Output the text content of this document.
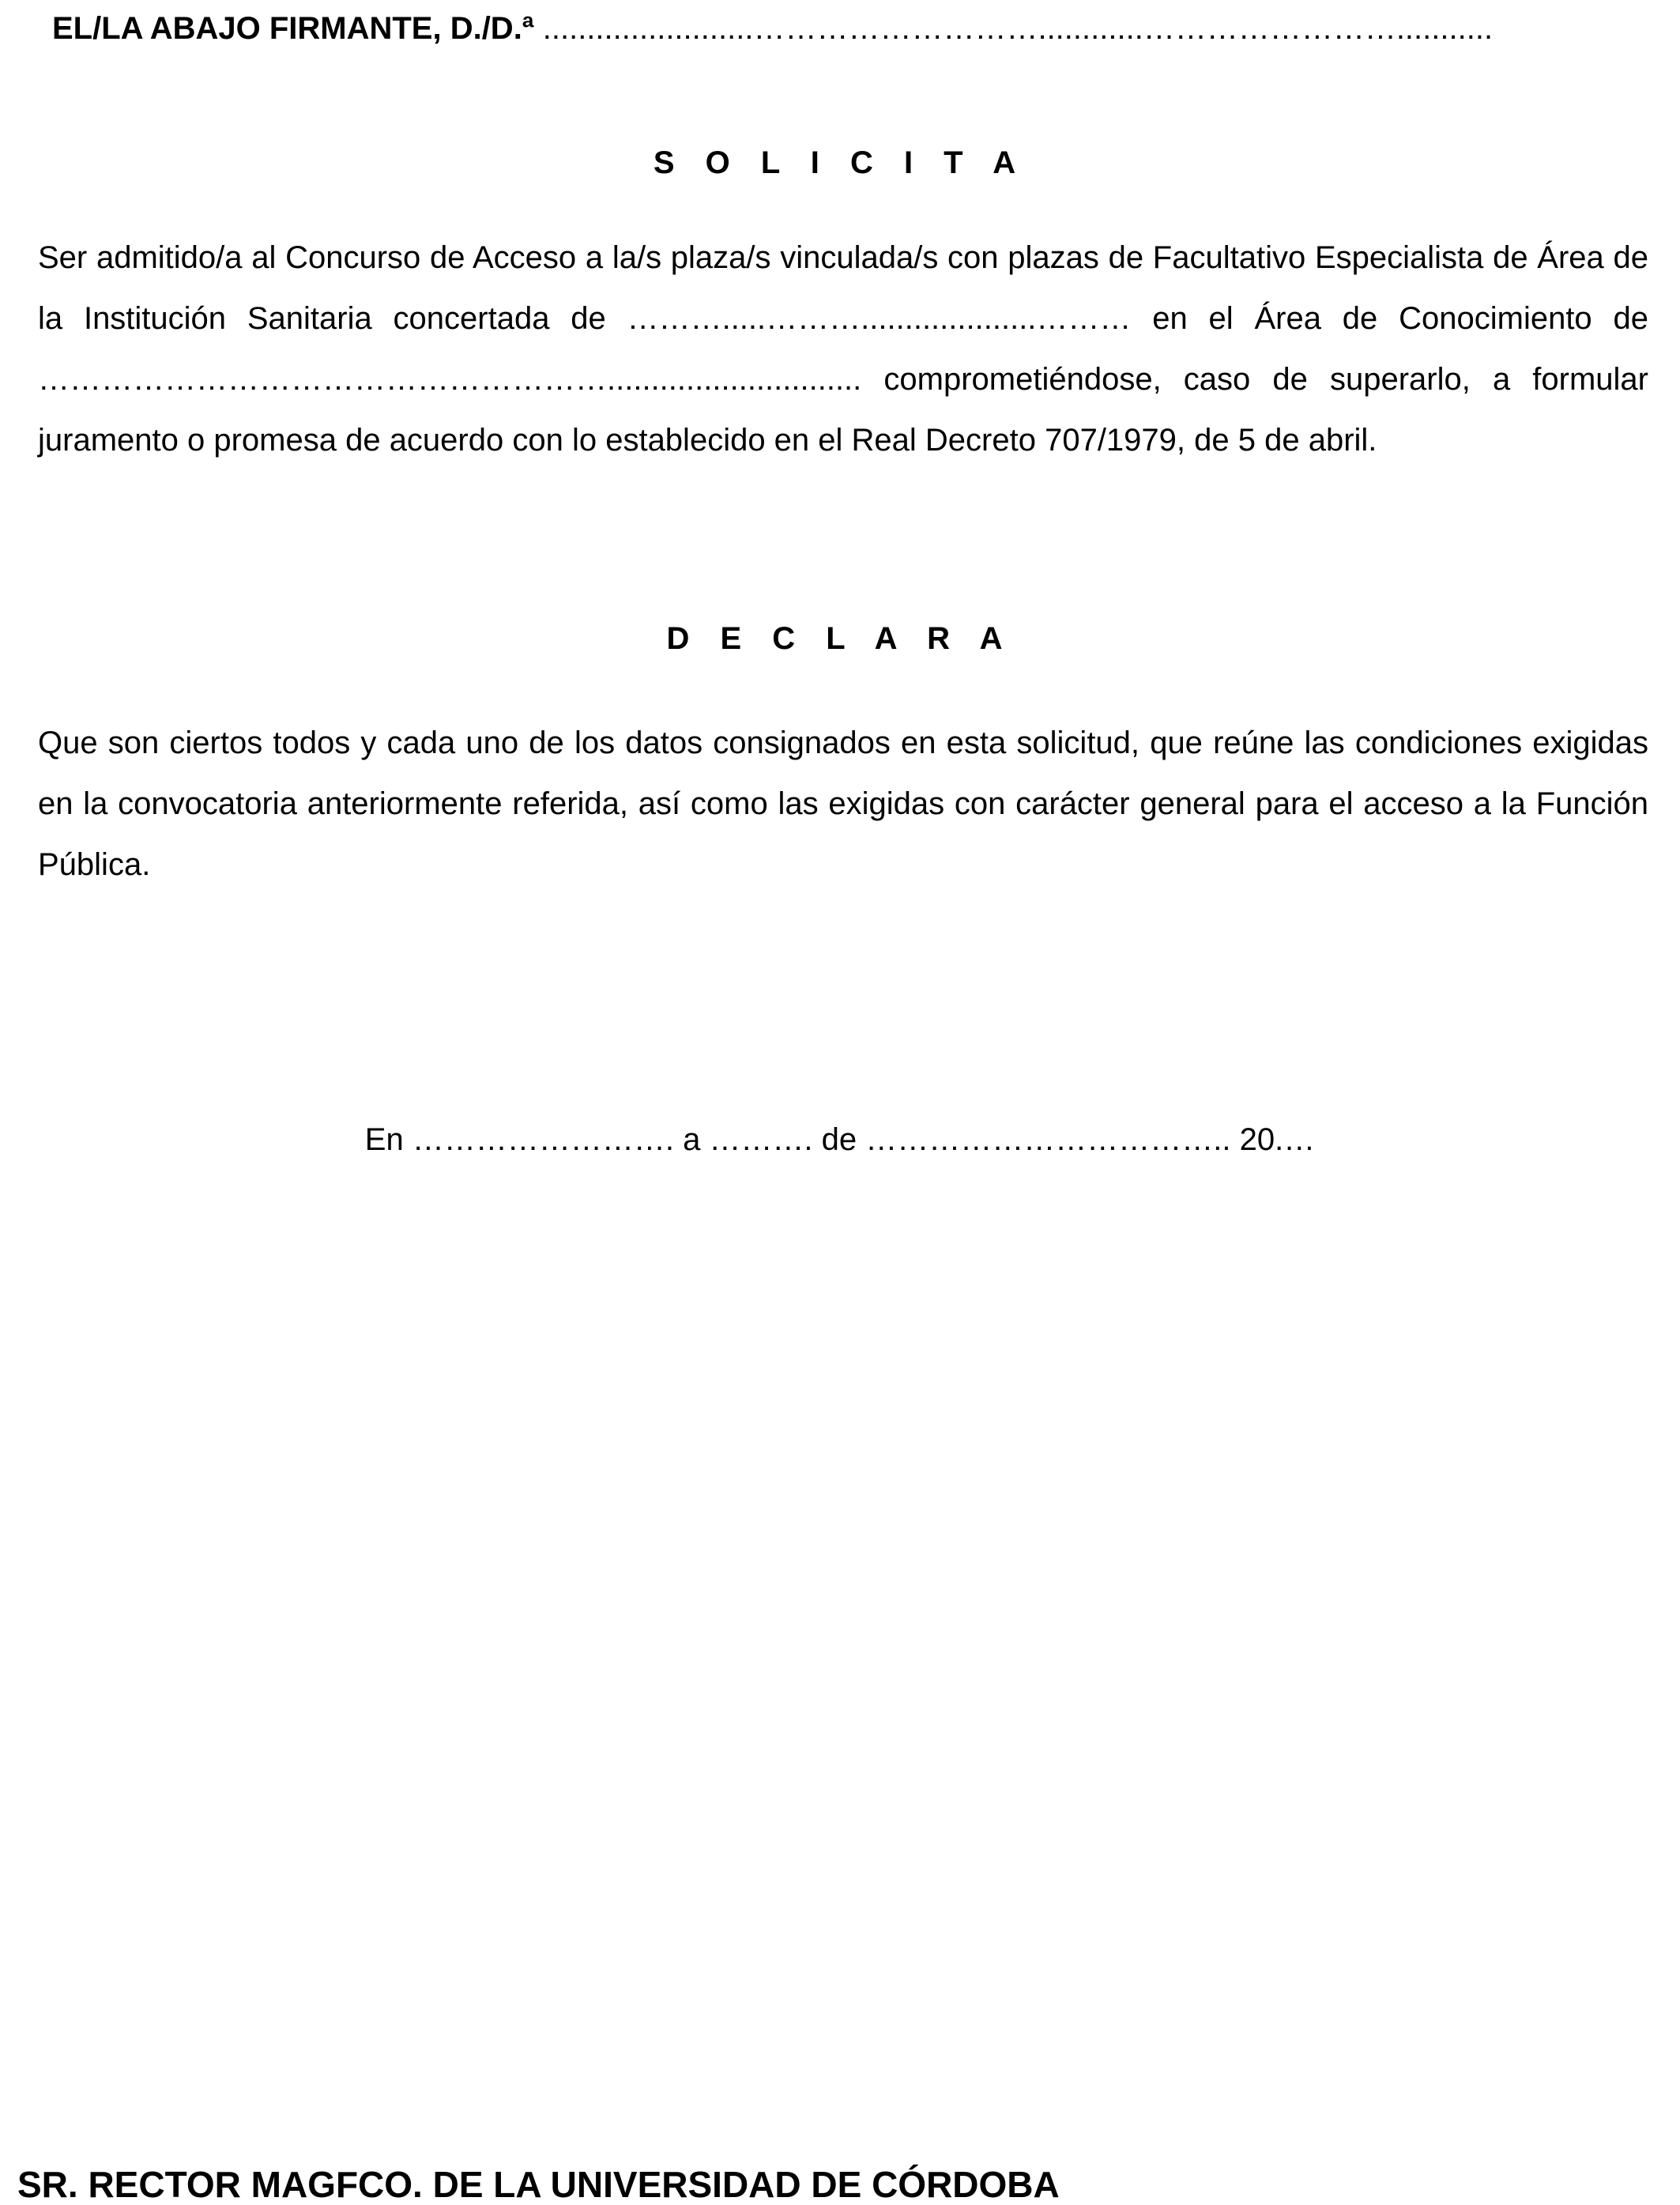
EL/LA ABAJO FIRMANTE, D./D.ª ........................………………………............……………………...........
S O L I C I T A
Ser admitido/a al Concurso de Acceso a la/s plaza/s vinculada/s con plazas de Facultativo Especialista de Área de la Institución Sanitaria concertada de ……….....………....................……… en el Área de Conocimiento de ………………………………………………............................. comprometiéndose, caso de superarlo, a formular juramento o promesa de acuerdo con lo establecido en el Real Decreto 707/1979, de 5 de abril.
D E C L A R A
Que son ciertos todos y cada uno de los datos consignados en esta solicitud, que reúne las condiciones exigidas en la convocatoria anteriormente referida, así como las exigidas con carácter general para el acceso a la Función Pública.
En ……………………. a ………. de …………………………….. 20.…
SR. RECTOR MAGFCO. DE LA UNIVERSIDAD DE CÓRDOBA
